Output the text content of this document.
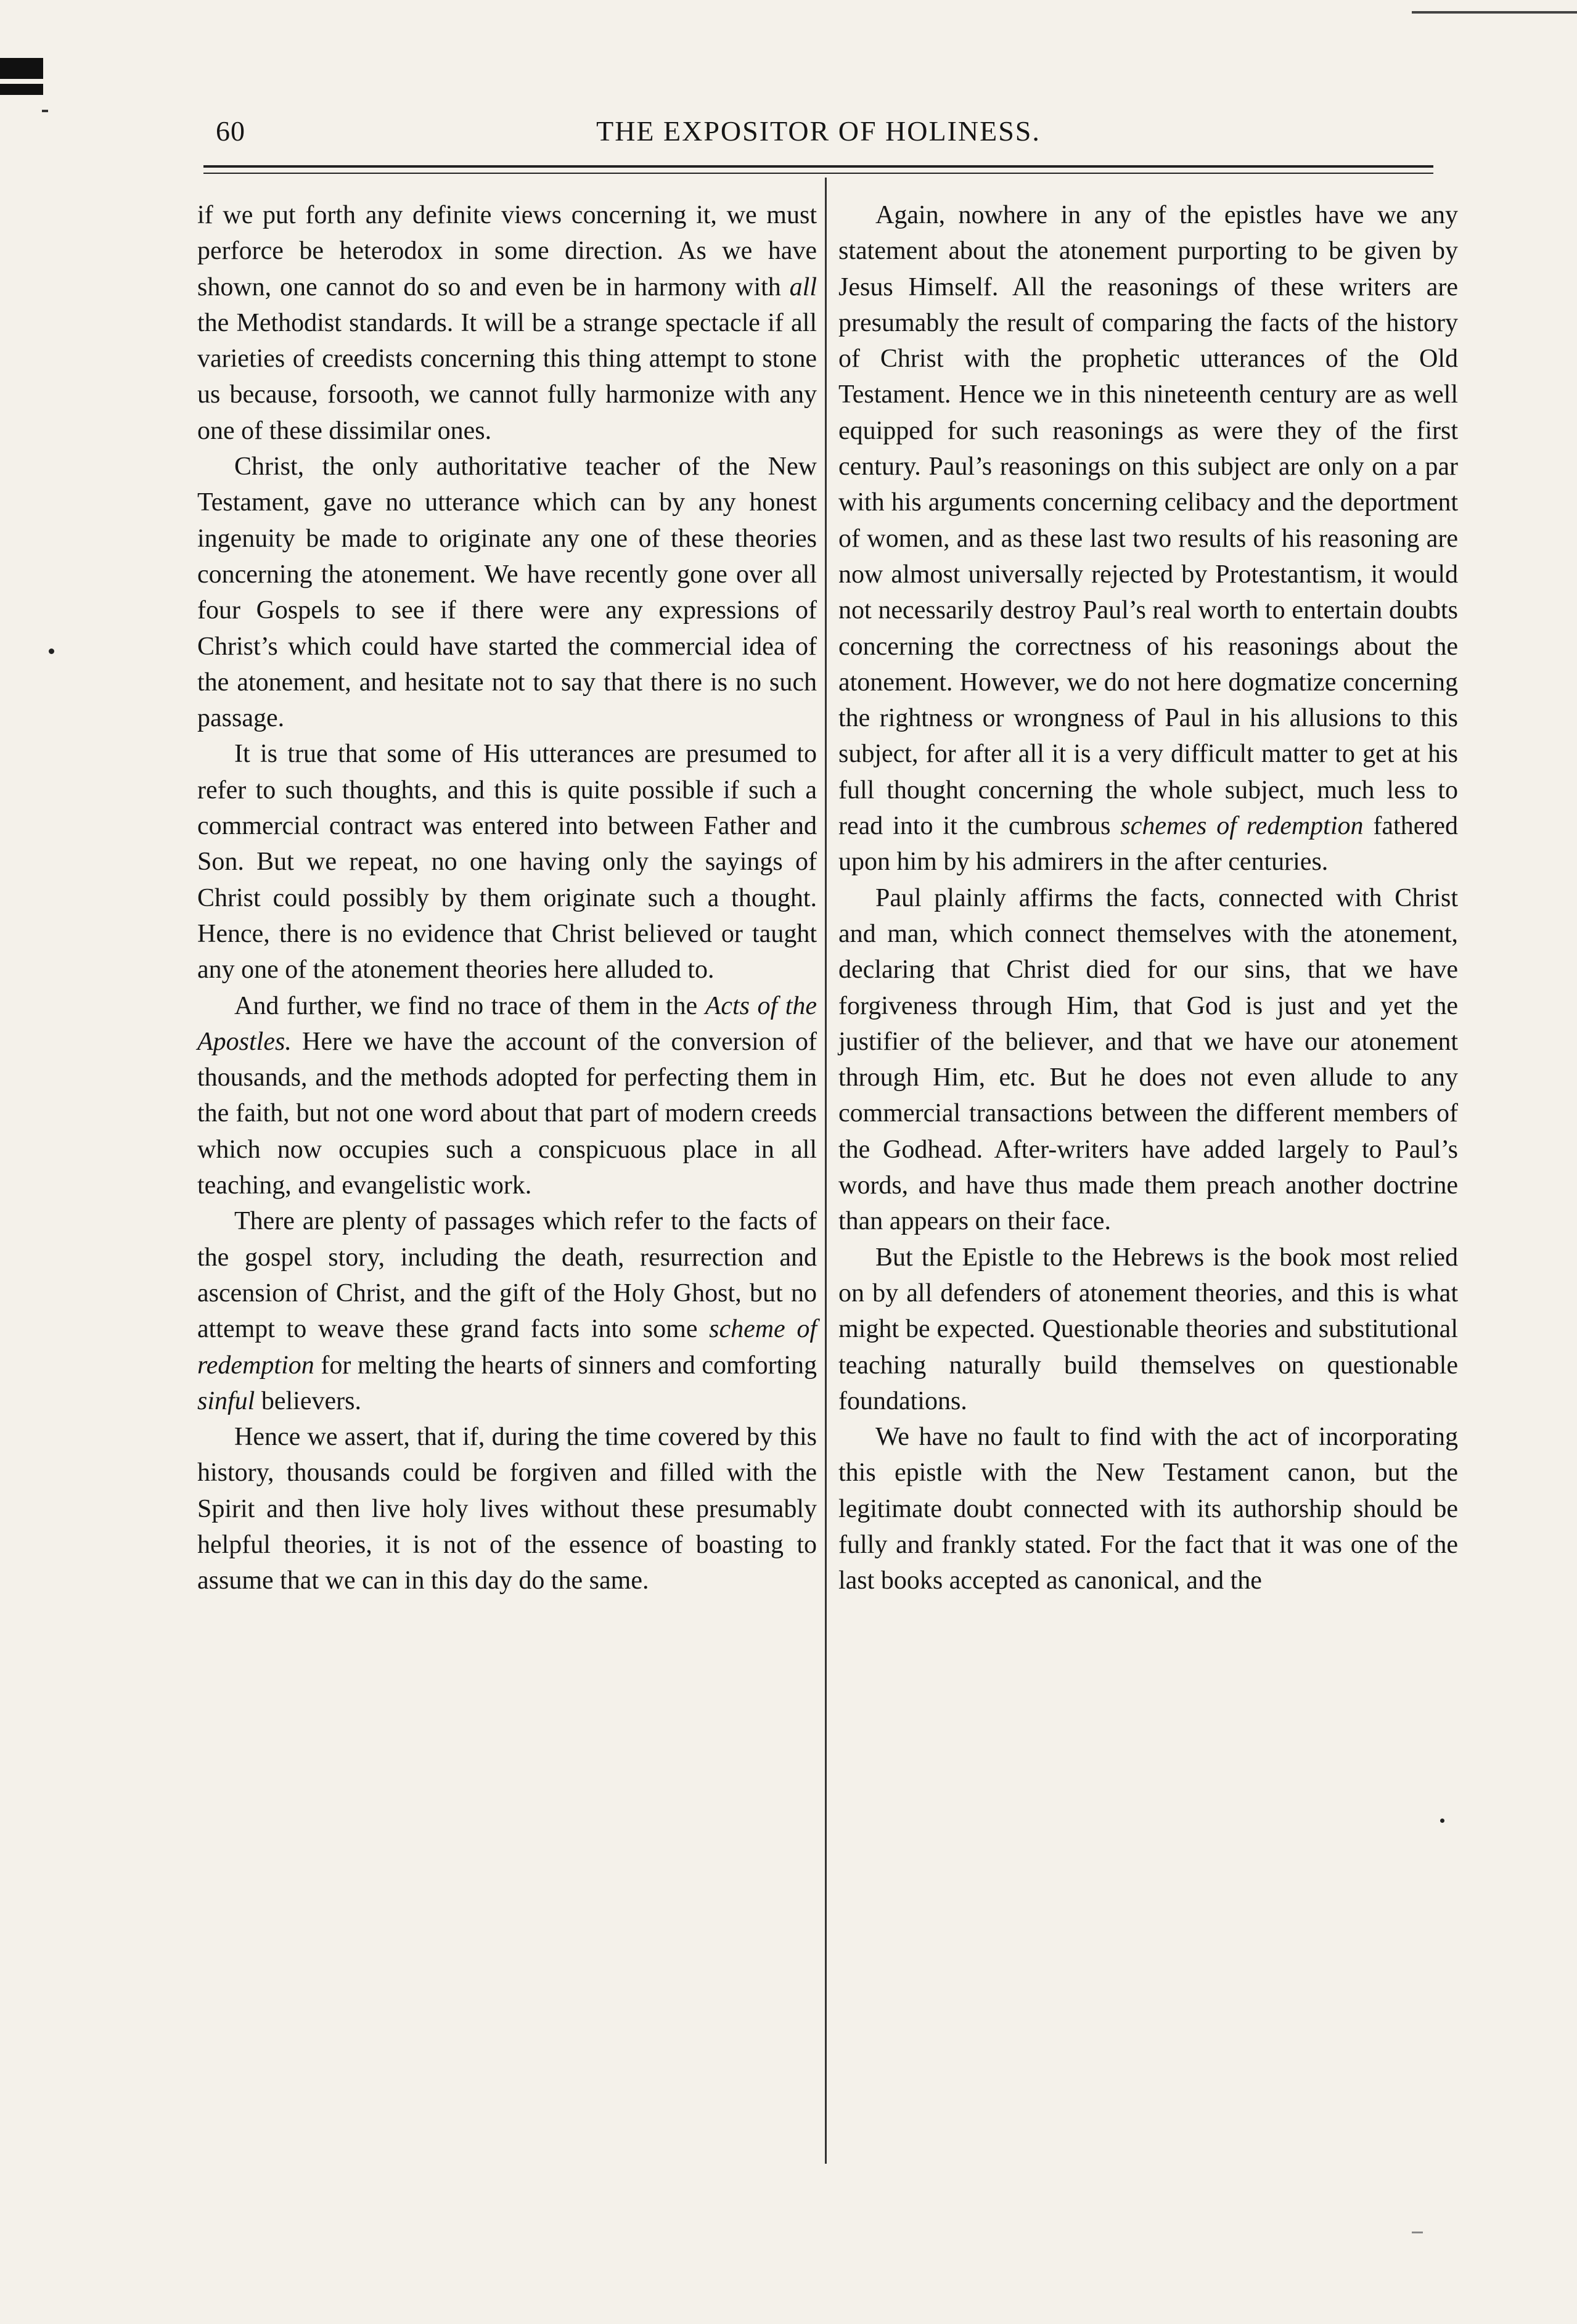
60	THE EXPOSITOR OF HOLINESS.

if we put forth any definite views concerning it, we must perforce be heterodox in some direction. As we have shown, one cannot do so and even be in harmony with all the Methodist standards. It will be a strange spectacle if all varieties of creedists concerning this thing attempt to stone us because, forsooth, we cannot fully harmonize with any one of these dissimilar ones.

Christ, the only authoritative teacher of the New Testament, gave no utterance which can by any honest ingenuity be made to originate any one of these theories concerning the atonement. We have recently gone over all four Gospels to see if there were any expressions of Christ’s which could have started the commercial idea of the atonement, and hesitate not to say that there is no such passage.

It is true that some of His utterances are presumed to refer to such thoughts, and this is quite possible if such a commercial contract was entered into between Father and Son. But we repeat, no one having only the sayings of Christ could possibly by them originate such a thought. Hence, there is no evidence that Christ believed or taught any one of the atonement theories here alluded to.

And further, we find no trace of them in the Acts of the Apostles. Here we have the account of the conversion of thousands, and the methods adopted for perfecting them in the faith, but not one word about that part of modern creeds which now occupies such a conspicuous place in all teaching, and evangelistic work.

There are plenty of passages which refer to the facts of the gospel story, including the death, resurrection and ascension of Christ, and the gift of the Holy Ghost, but no attempt to weave these grand facts into some scheme of redemption for melting the hearts of sinners and comforting sinful believers.

Hence we assert, that if, during the time covered by this history, thousands could be forgiven and filled with the Spirit and then live holy lives without these presumably helpful theories, it is not of the essence of boasting to assume that we can in this day do the same.

Again, nowhere in any of the epistles have we any statement about the atonement purporting to be given by Jesus Himself. All the reasonings of these writers are presumably the result of comparing the facts of the history of Christ with the prophetic utterances of the Old Testament. Hence we in this nineteenth century are as well equipped for such reasonings as were they of the first century. Paul’s reasonings on this subject are only on a par with his arguments concerning celibacy and the deportment of women, and as these last two results of his reasoning are now almost universally rejected by Protestantism, it would not necessarily destroy Paul’s real worth to entertain doubts concerning the correctness of his reasonings about the atonement. However, we do not here dogmatize concerning the rightness or wrongness of Paul in his allusions to this subject, for after all it is a very difficult matter to get at his full thought concerning the whole subject, much less to read into it the cumbrous schemes of redemption fathered upon him by his admirers in the after centuries.

Paul plainly affirms the facts, connected with Christ and man, which connect themselves with the atonement, declaring that Christ died for our sins, that we have forgiveness through Him, that God is just and yet the justifier of the believer, and that we have our atonement through Him, etc. But he does not even allude to any commercial transactions between the different members of the Godhead. After-writers have added largely to Paul’s words, and have thus made them preach another doctrine than appears on their face.

But the Epistle to the Hebrews is the book most relied on by all defenders of atonement theories, and this is what might be expected. Questionable theories and substitutional teaching naturally build themselves on questionable foundations.

We have no fault to find with the act of incorporating this epistle with the New Testament canon, but the legitimate doubt connected with its authorship should be fully and frankly stated. For the fact that it was one of the last books accepted as canonical, and the
